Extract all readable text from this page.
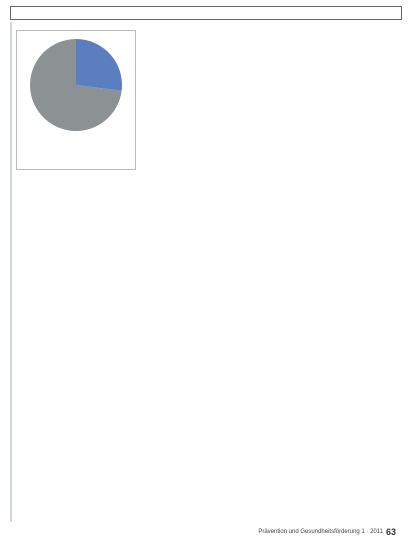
Prävention und Gesundheitsförderung 1 · 2011 63
